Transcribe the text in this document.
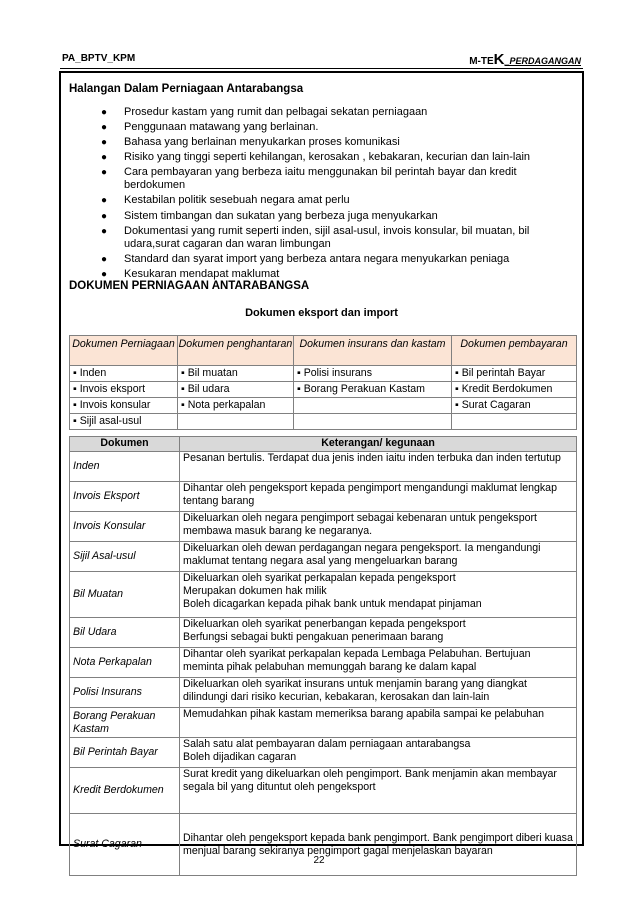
PA_BPTV_KPM	M-TEK_PERDAGANGAN
Halangan Dalam Perniagaan Antarabangsa
● Prosedur kastam yang rumit dan pelbagai sekatan perniagaan
● Penggunaan matawang yang berlainan.
● Bahasa yang berlainan menyukarkan proses komunikasi
● Risiko yang tinggi seperti kehilangan, kerosakan , kebakaran, kecurian dan lain-lain
● Cara pembayaran yang berbeza iaitu menggunakan bil perintah bayar dan kredit berdokumen
● Kestabilan politik sesebuah negara amat perlu
● Sistem timbangan dan sukatan yang berbeza juga menyukarkan
● Dokumentasi yang rumit seperti inden, sijil asal-usul, invois konsular, bil muatan, bil udara,surat cagaran dan waran limbungan
● Standard dan syarat import yang berbeza antara negara menyukarkan peniaga
● Kesukaran mendapat maklumat
DOKUMEN PERNIAGAAN ANTARABANGSA
Dokumen eksport dan import
Dokumen Perniagaan	Dokumen penghantaran	Dokumen insurans dan kastam	Dokumen pembayaran
▪ Inden	▪ Bil muatan	▪ Polisi insurans	▪ Bil perintah Bayar
▪ Invois eksport	▪ Bil udara	▪ Borang Perakuan Kastam	▪ Kredit Berdokumen
▪ Invois konsular	▪ Nota perkapalan		▪ Surat Cagaran
▪ Sijil asal-usul			
Dokumen	Keterangan/ kegunaan
Inden	Pesanan bertulis. Terdapat dua jenis inden iaitu inden terbuka dan inden tertutup
Invois Eksport	Dihantar oleh pengeksport kepada pengimport mengandungi maklumat lengkap tentang barang
Invois Konsular	Dikeluarkan oleh negara pengimport sebagai kebenaran untuk pengeksport membawa masuk barang ke negaranya.
Sijil Asal-usul	Dikeluarkan oleh dewan perdagangan negara pengeksport. Ia mengandungi maklumat tentang negara asal yang mengeluarkan barang
Bil Muatan	Dikeluarkan oleh syarikat perkapalan kepada pengeksport
Merupakan dokumen hak milik
Boleh dicagarkan kepada pihak bank untuk mendapat pinjaman
Bil Udara	Dikeluarkan oleh syarikat penerbangan kepada pengeksport
Berfungsi sebagai bukti pengakuan penerimaan barang
Nota Perkapalan	Dihantar oleh syarikat perkapalan kepada Lembaga Pelabuhan. Bertujuan meminta pihak pelabuhan memunggah barang ke dalam kapal
Polisi Insurans	Dikeluarkan oleh syarikat insurans untuk menjamin barang yang diangkat dilindungi dari risiko kecurian, kebakaran, kerosakan dan lain-lain
Borang Perakuan Kastam	Memudahkan pihak kastam memeriksa barang apabila sampai ke pelabuhan
Bil Perintah Bayar	Salah satu alat pembayaran dalam perniagaan antarabangsa
Boleh dijadikan cagaran
Kredit Berdokumen	Surat kredit yang dikeluarkan oleh pengimport. Bank menjamin akan membayar segala bil yang dituntut oleh pengeksport
Surat Cagaran	Dihantar oleh pengeksport kepada bank pengimport. Bank pengimport diberi kuasa menjual barang sekiranya pengimport gagal menjelaskan bayaran
22
